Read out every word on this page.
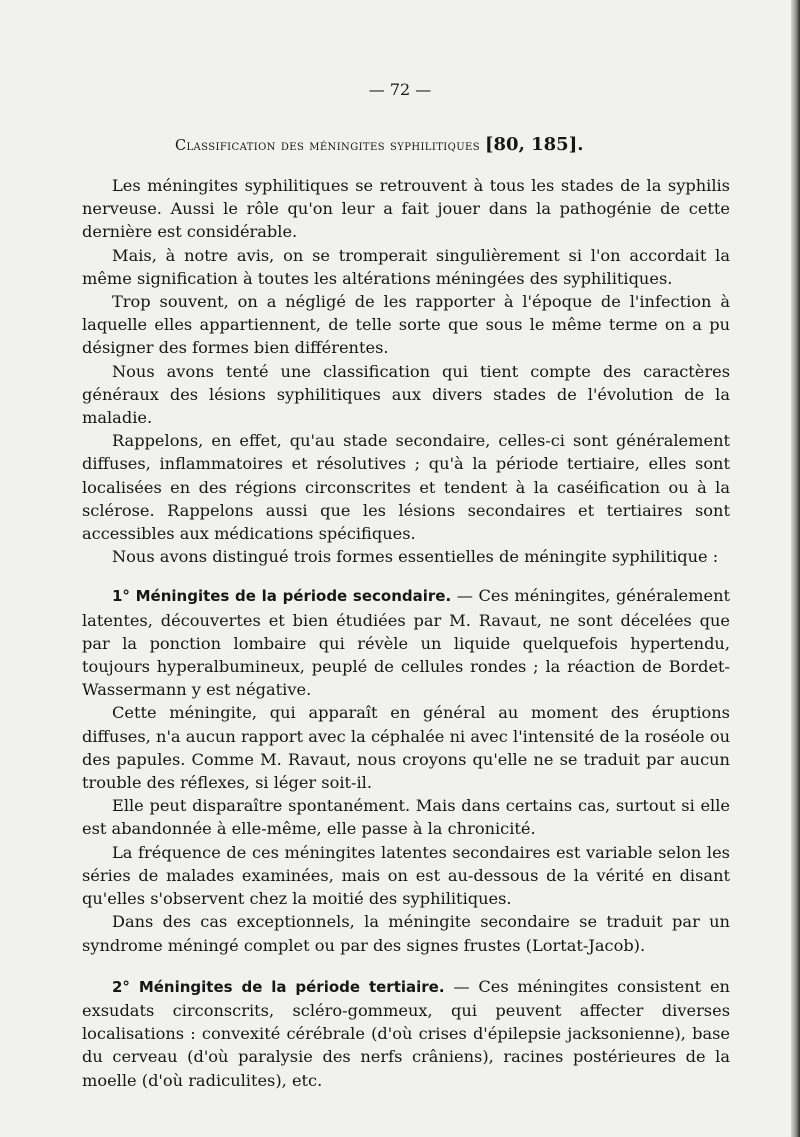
— 72 —
Classification des méningites syphilitiques [80, 185].

Les méningites syphilitiques se retrouvent à tous les stades de la syphilis nerveuse. Aussi le rôle qu'on leur a fait jouer dans la pathogénie de cette dernière est considérable.

Mais, à notre avis, on se tromperait singulièrement si l'on accordait la même signification à toutes les altérations méningées des syphilitiques.

Trop souvent, on a négligé de les rapporter à l'époque de l'infection à laquelle elles appartiennent, de telle sorte que sous le même terme on a pu désigner des formes bien différentes.

Nous avons tenté une classification qui tient compte des caractères généraux des lésions syphilitiques aux divers stades de l'évolution de la maladie.

Rappelons, en effet, qu'au stade secondaire, celles-ci sont généralement diffuses, inflammatoires et résolutives ; qu'à la période tertiaire, elles sont localisées en des régions circonscrites et tendent à la caséification ou à la sclérose. Rappelons aussi que les lésions secondaires et tertiaires sont accessibles aux médications spécifiques.

Nous avons distingué trois formes essentielles de méningite syphilitique :

1° Méningites de la période secondaire. — Ces méningites, généralement latentes, découvertes et bien étudiées par M. Ravaut, ne sont décelées que par la ponction lombaire qui révèle un liquide quelquefois hypertendu, toujours hyperalbumineux, peuplé de cellules rondes ; la réaction de Bordet-Wassermann y est négative.

Cette méningite, qui apparaît en général au moment des éruptions diffuses, n'a aucun rapport avec la céphalée ni avec l'intensité de la roséole ou des papules. Comme M. Ravaut, nous croyons qu'elle ne se traduit par aucun trouble des réflexes, si léger soit-il.

Elle peut disparaître spontanément. Mais dans certains cas, surtout si elle est abandonnée à elle-même, elle passe à la chronicité.

La fréquence de ces méningites latentes secondaires est variable selon les séries de malades examinées, mais on est au-dessous de la vérité en disant qu'elles s'observent chez la moitié des syphilitiques.

Dans des cas exceptionnels, la méningite secondaire se traduit par un syndrome méningé complet ou par des signes frustes (Lortat-Jacob).

2° Méningites de la période tertiaire. — Ces méningites consistent en exsudats circonscrits, scléro-gommeux, qui peuvent affecter diverses localisations : convexité cérébrale (d'où crises d'épilepsie jacksonienne), base du cerveau (d'où paralysie des nerfs crâniens), racines postérieures de la moelle (d'où radiculites), etc.
